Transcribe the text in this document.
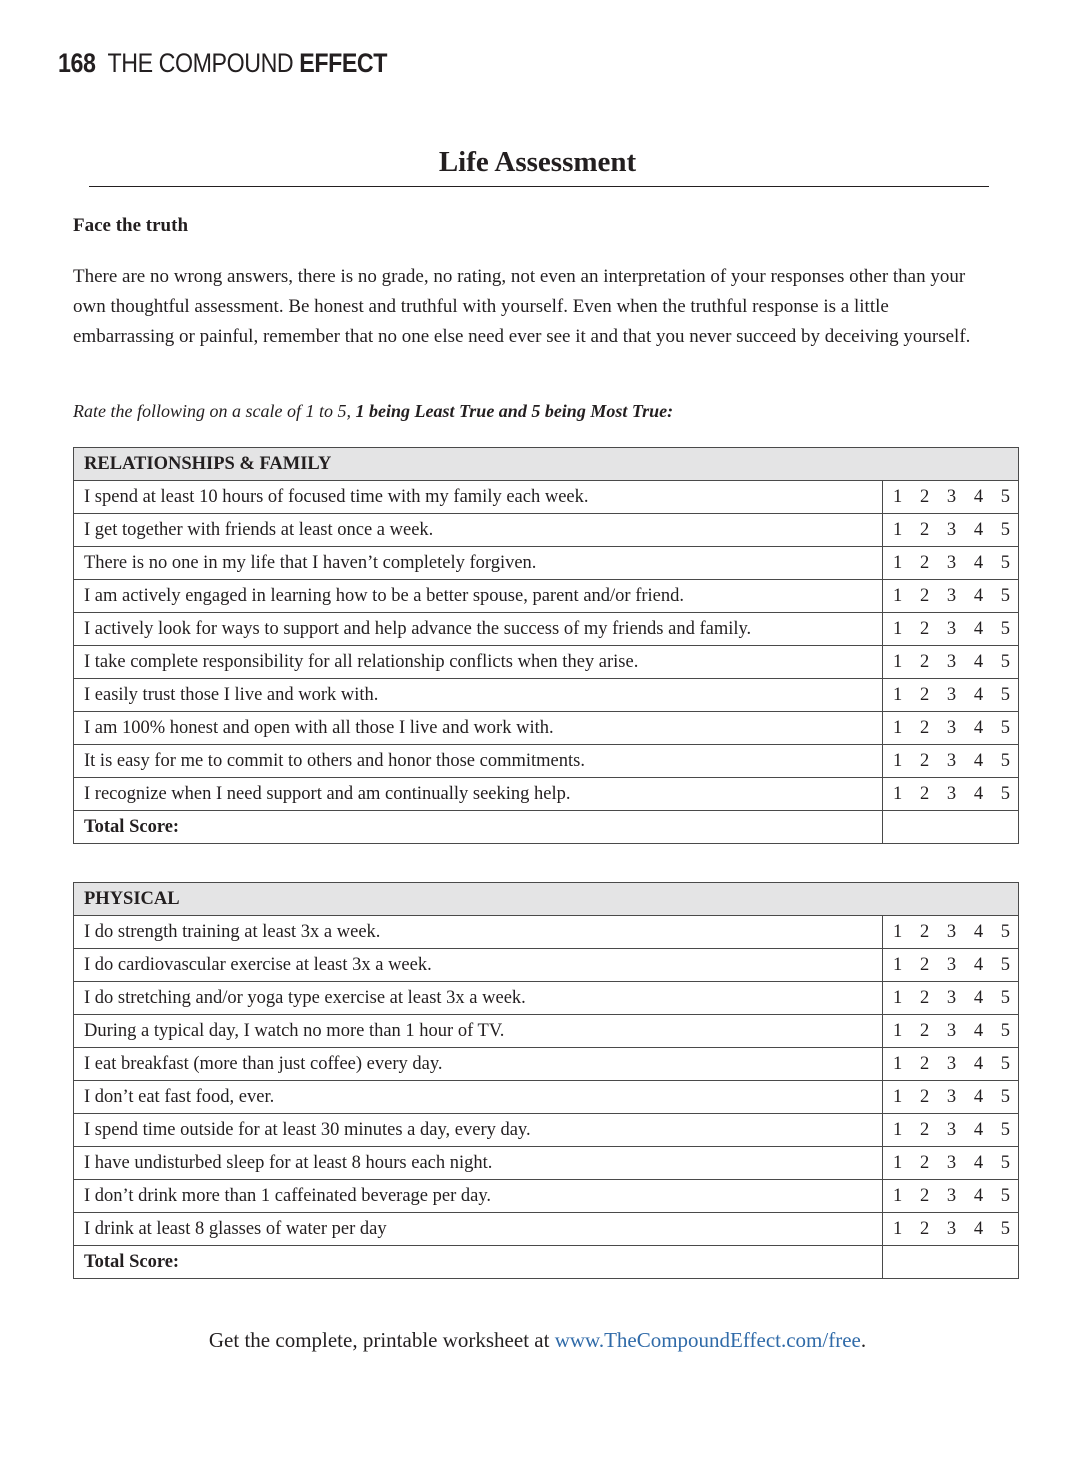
168 THE COMPOUND EFFECT
Life Assessment
Face the truth

There are no wrong answers, there is no grade, no rating, not even an interpretation of your responses other than your own thoughtful assessment. Be honest and truthful with yourself. Even when the truthful response is a little embarrassing or painful, remember that no one else need ever see it and that you never succeed by deceiving yourself.

Rate the following on a scale of 1 to 5, 1 being Least True and 5 being Most True:
RELATIONSHIPS & FAMILY	
I spend at least 10 hours of focused time with my family each week.	1 2 3 4 5

I get together with friends at least once a week.	1 2 3 4 5

There is no one in my life that I haven’t completely forgiven.	1 2 3 4 5

I am actively engaged in learning how to be a better spouse, parent and/or friend.	1 2 3 4 5

I actively look for ways to support and help advance the success of my friends and family.	1 2 3 4 5

I take complete responsibility for all relationship conflicts when they arise.	1 2 3 4 5

I easily trust those I live and work with.	1 2 3 4 5

I am 100% honest and open with all those I live and work with.	1 2 3 4 5

It is easy for me to commit to others and honor those commitments.	1 2 3 4 5

I recognize when I need support and am continually seeking help.	1 2 3 4 5

Total Score:	
PHYSICAL	
I do strength training at least 3x a week.	1 2 3 4 5

I do cardiovascular exercise at least 3x a week.	1 2 3 4 5

I do stretching and/or yoga type exercise at least 3x a week.	1 2 3 4 5

During a typical day, I watch no more than 1 hour of TV.	1 2 3 4 5

I eat breakfast (more than just coffee) every day.	1 2 3 4 5

I don’t eat fast food, ever.	1 2 3 4 5

I spend time outside for at least 30 minutes a day, every day.	1 2 3 4 5

I have undisturbed sleep for at least 8 hours each night.	1 2 3 4 5

I don’t drink more than 1 caffeinated beverage per day.	1 2 3 4 5

I drink at least 8 glasses of water per day	1 2 3 4 5

Total Score:	
Get the complete, printable worksheet at www.TheCompoundEffect.com/free.
